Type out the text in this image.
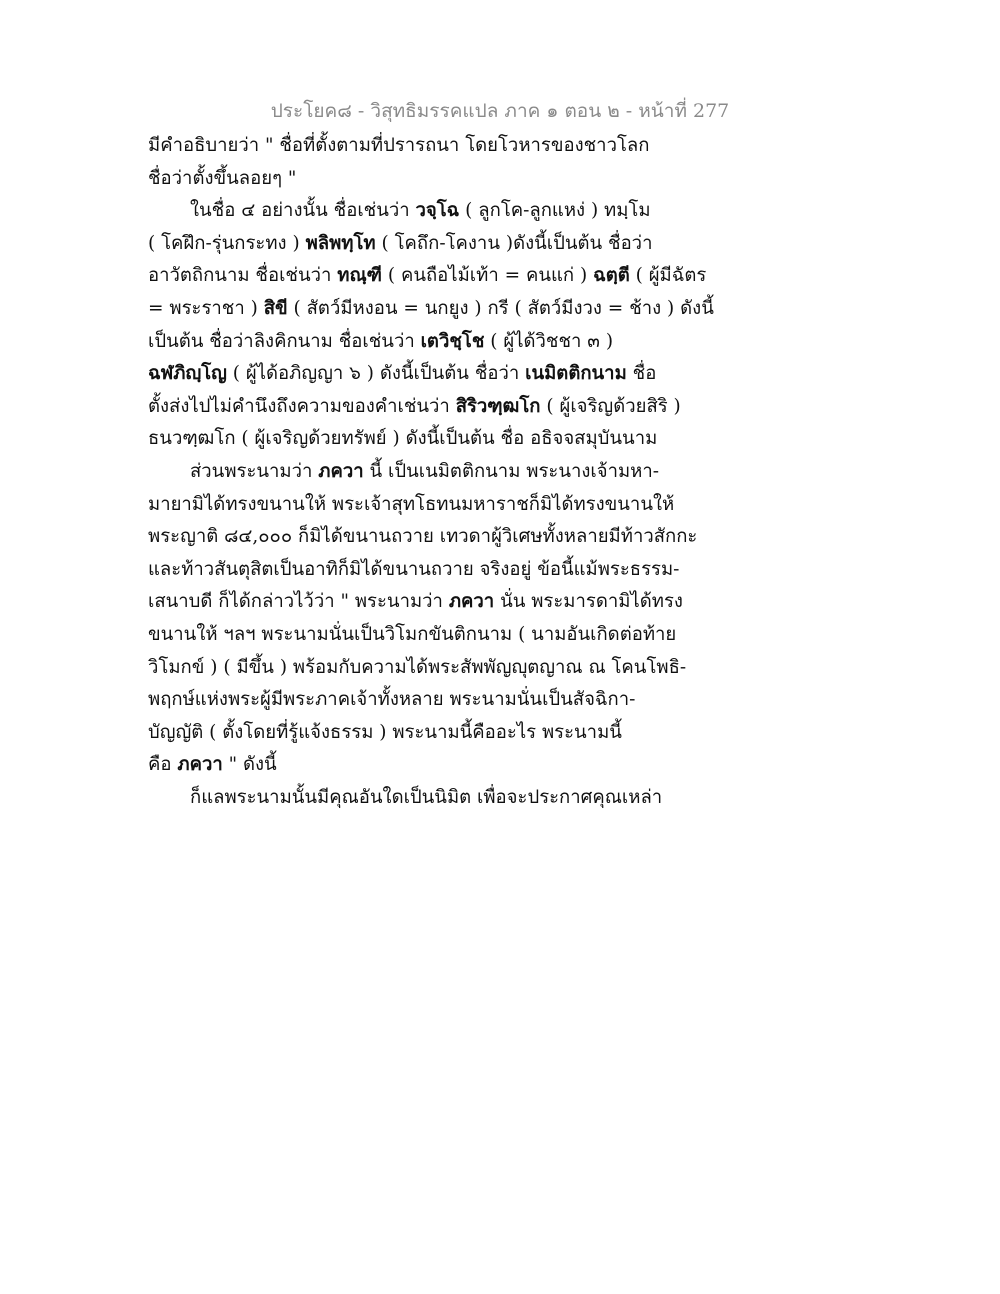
ประโยค๘ - วิสุทธิมรรคแปล ภาค ๑ ตอน ๒ - หน้าที่ 277
มีคำอธิบายว่า " ชื่อที่ตั้งตามที่ปรารถนา โดยโวหารของชาวโลก
ชื่อว่าตั้งขึ้นลอยๆ "
ในชื่อ ๔ อย่างนั้น ชื่อเช่นว่า วจฺโฉ ( ลูกโค-ลูกแหง่ ) ทมฺโม
( โคฝึก-รุ่นกระทง ) พลิพทฺโท ( โคถึก-โคงาน )ดังนี้เป็นต้น ชื่อว่า
อาวัตถิกนาม ชื่อเช่นว่า ทณฺฑี ( คนถือไม้เท้า = คนแก่ ) ฉตฺตี ( ผู้มีฉัตร
= พระราชา ) สิขี ( สัตว์มีหงอน = นกยูง ) กรี ( สัตว์มีงวง = ช้าง ) ดังนี้
เป็นต้น ชื่อว่าลิงคิกนาม ชื่อเช่นว่า เตวิชฺโช ( ผู้ได้วิชชา ๓ )
ฉฬภิญฺโญ ( ผู้ได้อภิญญา ๖ ) ดังนี้เป็นต้น ชื่อว่า เนมิตติกนาม ชื่อ
ตั้งส่งไปไม่คำนึงถึงความของคำเช่นว่า สิริวฑฺฒโก ( ผู้เจริญด้วยสิริ )
ธนวฑฺฒโก ( ผู้เจริญด้วยทรัพย์ ) ดังนี้เป็นต้น ชื่อ อธิจจสมุบันนาม
ส่วนพระนามว่า ภควา นี้ เป็นเนมิตติกนาม พระนางเจ้ามหา-
มายามิได้ทรงขนานให้ พระเจ้าสุทโธทนมหาราชก็มิได้ทรงขนานให้
พระญาติ ๘๔,๐๐๐ ก็มิได้ขนานถวาย เทวดาผู้วิเศษทั้งหลายมีท้าวสักกะ
และท้าวสันตุสิตเป็นอาทิก็มิได้ขนานถวาย จริงอยู่ ข้อนี้แม้พระธรรม-
เสนาบดี ก็ได้กล่าวไว้ว่า " พระนามว่า ภควา นั่น พระมารดามิได้ทรง
ขนานให้ ฯลฯ พระนามนั่นเป็นวิโมกขันติกนาม ( นามอันเกิดต่อท้าย
วิโมกข์ ) ( มีขึ้น ) พร้อมกับความได้พระสัพพัญญุตญาณ ณ โคนโพธิ-
พฤกษ์แห่งพระผู้มีพระภาคเจ้าทั้งหลาย พระนามนั่นเป็นสัจฉิกา-
บัญญัติ ( ตั้งโดยที่รู้แจ้งธรรม ) พระนามนี้คืออะไร พระนามนี้
คือ ภควา " ดังนี้
ก็แลพระนามนั้นมีคุณอันใดเป็นนิมิต เพื่อจะประกาศคุณเหล่า
